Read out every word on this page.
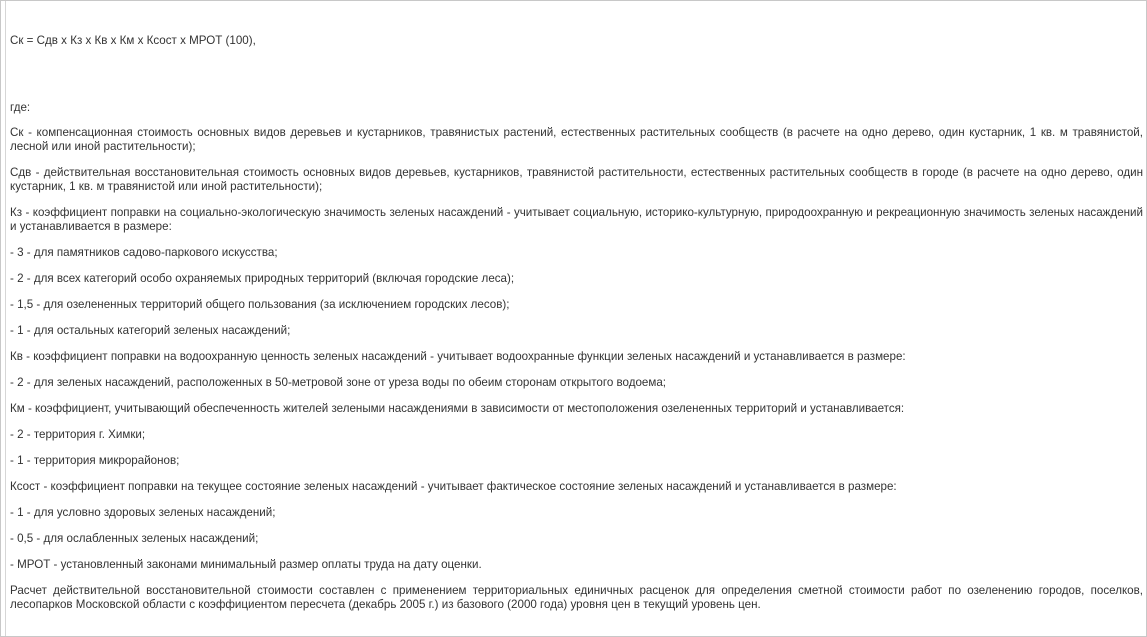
Ск = Сдв х Кз х Кв х Км х Ксост х МРОТ (100),

где:

Ск - компенсационная стоимость основных видов деревьев и кустарников, травянистых растений, естественных растительных сообществ (в расчете на одно дерево, один кустарник, 1 кв. м травянистой, лесной или иной растительности);

Сдв - действительная восстановительная стоимость основных видов деревьев, кустарников, травянистой растительности, естественных растительных сообществ в городе (в расчете на одно дерево, один кустарник, 1 кв. м травянистой или иной растительности);

Кз - коэффициент поправки на социально-экологическую значимость зеленых насаждений - учитывает социальную, историко-культурную, природоохранную и рекреационную значимость зеленых насаждений и устанавливается в размере:

- 3 - для памятников садово-паркового искусства;

- 2 - для всех категорий особо охраняемых природных территорий (включая городские леса);

- 1,5 - для озелененных территорий общего пользования (за исключением городских лесов);

- 1 - для остальных категорий зеленых насаждений;

Кв - коэффициент поправки на водоохранную ценность зеленых насаждений - учитывает водоохранные функции зеленых насаждений и устанавливается в размере:

- 2 - для зеленых насаждений, расположенных в 50-метровой зоне от уреза воды по обеим сторонам открытого водоема;

Км - коэффициент, учитывающий обеспеченность жителей зелеными насаждениями в зависимости от местоположения озелененных территорий и устанавливается:

- 2 - территория г. Химки;

- 1 - территория микрорайонов;

Ксост - коэффициент поправки на текущее состояние зеленых насаждений - учитывает фактическое состояние зеленых насаждений и устанавливается в размере:

- 1 - для условно здоровых зеленых насаждений;

- 0,5 - для ослабленных зеленых насаждений;

- МРОТ - установленный законами минимальный размер оплаты труда на дату оценки.

Расчет действительной восстановительной стоимости составлен с применением территориальных единичных расценок для определения сметной стоимости работ по озеленению городов, поселков, лесопарков Московской области с коэффициентом пересчета (декабрь 2005 г.) из базового (2000 года) уровня цен в текущий уровень цен.
